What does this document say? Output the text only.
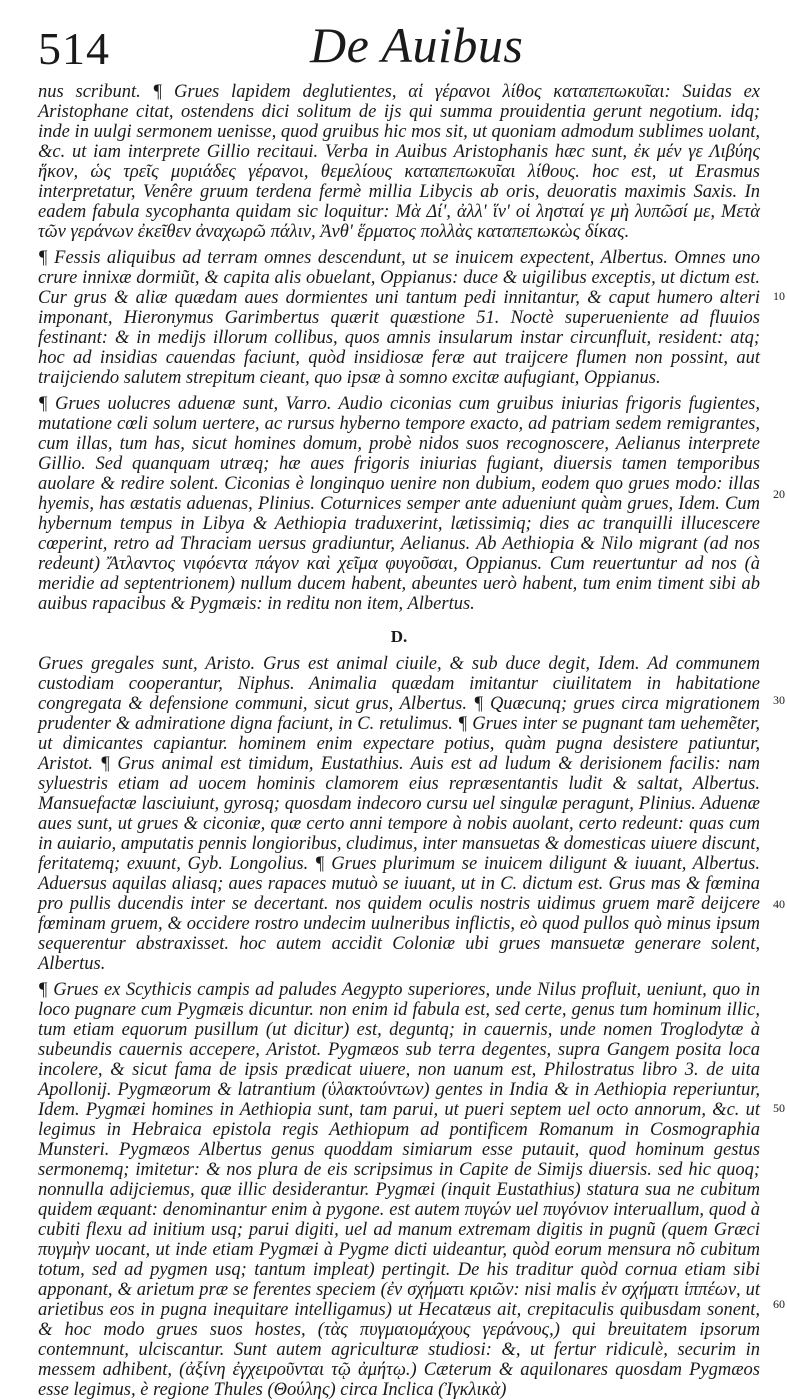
514	De Auibus

nus scribunt. ¶ Grues lapidem deglutientes, αἱ γέρανοι λίθος καταπεπωκυῖαι: Suidas ex Aristophane citat, ostendens dici solitum de ijs qui summa prouidentia gerunt negotium. idq; inde in uulgi sermonem uenisse, quod gruibus hic mos sit, ut quoniam admodum sublimes uolant, &c. ut iam interprete Gillio recitaui. Verba in Auibus Aristophanis hæc sunt, ἐκ μέν γε Λιβύης ἥκον, ὡς τρεῖς μυριάδες γέρανοι, θεμελίους καταπεπωκυῖαι λίθους. hoc est, ut Erasmus interpretatur, Venêre gruum terdena fermè millia Libycis ab oris, deuoratis maximis Saxis. In eadem fabula sycophanta quidam sic loquitur: Μὰ Δί', ἀλλ' ἵν' οἱ λησταί γε μὴ λυπῶσί με, Μετὰ τῶν γεράνων ἐκεῖθεν ἀναχωρῶ πάλιν, Ἀνθ' ἕρματος πολλὰς καταπεπωκὼς δίκας.

¶ Fessis aliquibus ad terram omnes descendunt, ut se inuicem expectent, Albertus. Omnes uno crure innixæ dormiũt, & capita alis obuelant, Oppianus: duce & uigilibus exceptis, ut dictum est. Cur grus & aliæ quædam aues dormientes uni tantum pedi innitantur, & caput humero alteri imponant, Hieronymus Garimbertus quærit quæstione 51. Noctè superueniente ad fluuios festinant: & in medijs illorum collibus, quos amnis insularum instar circunfluit, resident: atq; hoc ad insidias cauendas faciunt, quòd insidiosæ feræ aut traijcere flumen non possint, aut traijciendo salutem strepitum cieant, quo ipsæ à somno excitæ aufugiant, Oppianus.

¶ Grues uolucres aduenæ sunt, Varro. Audio ciconias cum gruibus iniurias frigoris fugientes, mutatione cœli solum uertere, ac rursus hyberno tempore exacto, ad patriam sedem remigrantes, cum illas, tum has, sicut homines domum, probè nidos suos recognoscere, Aelianus interprete Gillio. Sed quanquam utræq; hæ aues frigoris iniurias fugiant, diuersis tamen temporibus auolare & redire solent. Ciconias è longinquo uenire non dubium, eodem quo grues modo: illas hyemis, has æstatis aduenas, Plinius. Coturnices semper ante adueniunt quàm grues, Idem. Cum hybernum tempus in Libya & Aethiopia traduxerint, lætissimiq; dies ac tranquilli illucescere cœperint, retro ad Thraciam uersus gradiuntur, Aelianus. Ab Aethiopia & Nilo migrant (ad nos redeunt) Ἄτλαντος νιφόεντα πάγον καὶ χεῖμα φυγοῦσαι, Oppianus. Cum reuertuntur ad nos (à meridie ad septentrionem) nullum ducem habent, abeuntes uerò habent, tum enim timent sibi ab auibus rapacibus & Pygmæis: in reditu non item, Albertus.

D.

Grues gregales sunt, Aristo. Grus est animal ciuile, & sub duce degit, Idem. Ad communem custodiam cooperantur, Niphus. Animalia quædam imitantur ciuilitatem in habitatione congregata & defensione communi, sicut grus, Albertus. ¶ Quæcunq; grues circa migrationem prudenter & admiratione digna faciunt, in C. retulimus. ¶ Grues inter se pugnant tam uehemẽter, ut dimicantes capiantur. hominem enim expectare potius, quàm pugna desistere patiuntur, Aristot. ¶ Grus animal est timidum, Eustathius. Auis est ad ludum & derisionem facilis: nam syluestris etiam ad uocem hominis clamorem eius repræsentantis ludit & saltat, Albertus. Mansuefactæ lasciuiunt, gyrosq; quosdam indecoro cursu uel singulæ peragunt, Plinius. Aduenæ aues sunt, ut grues & ciconiæ, quæ certo anni tempore à nobis auolant, certo redeunt: quas cum in auiario, amputatis pennis longioribus, cludimus, inter mansuetas & domesticas uiuere discunt, feritatemq; exuunt, Gyb. Longolius. ¶ Grues plurimum se inuicem diligunt & iuuant, Albertus. Aduersus aquilas aliasq; aues rapaces mutuò se iuuant, ut in C. dictum est. Grus mas & fœmina pro pullis ducendis inter se decertant. nos quidem oculis nostris uidimus gruem marẽ deijcere fœminam gruem, & occidere rostro undecim uulneribus inflictis, eò quod pullos quò minus ipsum sequerentur abstraxisset. hoc autem accidit Coloniæ ubi grues mansuetæ generare solent, Albertus.

¶ Grues ex Scythicis campis ad paludes Aegypto superiores, unde Nilus profluit, ueniunt, quo in loco pugnare cum Pygmæis dicuntur. non enim id fabula est, sed certe, genus tum hominum illic, tum etiam equorum pusillum (ut dicitur) est, deguntq; in cauernis, unde nomen Troglodytæ à subeundis cauernis accepere, Aristot. Pygmæos sub terra degentes, supra Gangem posita loca incolere, & sicut fama de ipsis prædicat uiuere, non uanum est, Philostratus libro 3. de uita Apollonij. Pygmæorum & latrantium (ὑλακτούντων) gentes in India & in Aethiopia reperiuntur, Idem. Pygmæi homines in Aethiopia sunt, tam parui, ut pueri septem uel octo annorum, &c. ut legimus in Hebraica epistola regis Aethiopum ad pontificem Romanum in Cosmographia Munsteri. Pygmæos Albertus genus quoddam simiarum esse putauit, quod hominum gestus sermonemq; imitetur: & nos plura de eis scripsimus in Capite de Simijs diuersis. sed hic quoq; nonnulla adijciemus, quæ illic desiderantur. Pygmæi (inquit Eustathius) statura sua ne cubitum quidem æquant: denominantur enim à pygone. est autem πυγών uel πυγόνιον interuallum, quod à cubiti flexu ad initium usq; parui digiti, uel ad manum extremam digitis in pugnũ (quem Græci πυγμὴν uocant, ut inde etiam Pygmæi à Pygme dicti uideantur, quòd eorum mensura nõ cubitum totum, sed ad pygmen usq; tantum impleat) pertingit. De his traditur quòd cornua etiam sibi apponant, & arietum præ se ferentes speciem (ἐν σχήματι κριῶν: nisi malis ἐν σχήματι ἱππέων, ut arietibus eos in pugna inequitare intelligamus) ut Hecatæus ait, crepitaculis quibusdam sonent, & hoc modo grues suos hostes, (τὰς πυγμαιομάχους γεράνους,) qui breuitatem ipsorum contemnunt, ulciscantur. Sunt autem agriculturæ studiosi: &, ut fertur ridiculè, securim in messem adhibent, (ἀξίνη ἐγχειροῦνται τῷ ἀμήτῳ.) Cæterum & aquilonares quosdam Pygmæos esse legimus, è regione Thules (Θούλης) circa Inclica (Ἰγκλικὰ)

10
20
30
40
50
60
